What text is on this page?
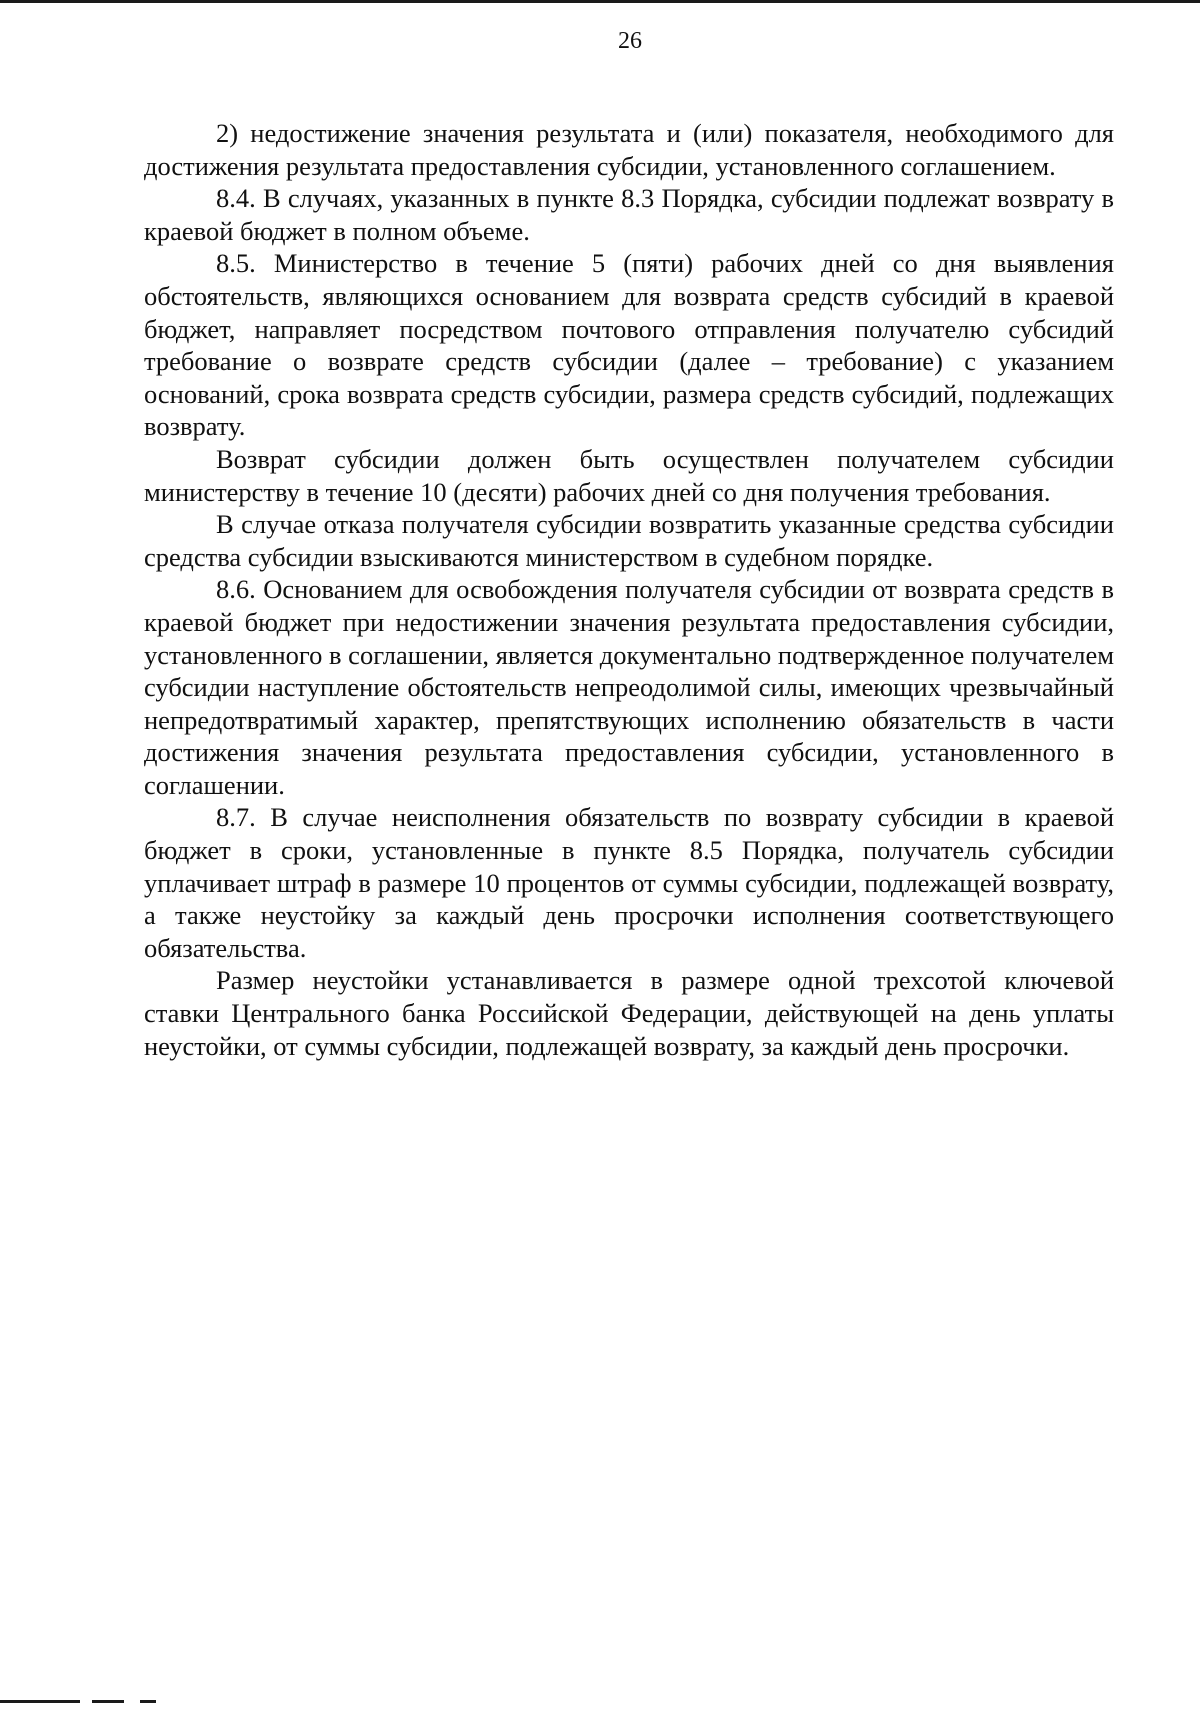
26

2) недостижение значения результата и (или) показателя, необходимого для достижения результата предоставления субсидии, установленного соглашением.

8.4. В случаях, указанных в пункте 8.3 Порядка, субсидии подлежат возврату в краевой бюджет в полном объеме.

8.5. Министерство в течение 5 (пяти) рабочих дней со дня выявления обстоятельств, являющихся основанием для возврата средств субсидий в краевой бюджет, направляет посредством почтового отправления получателю субсидий требование о возврате средств субсидии (далее – требование) с указанием оснований, срока возврата средств субсидии, размера средств субсидий, подлежащих возврату.

Возврат субсидии должен быть осуществлен получателем субсидии министерству в течение 10 (десяти) рабочих дней со дня получения требования.

В случае отказа получателя субсидии возвратить указанные средства субсидии средства субсидии взыскиваются министерством в судебном порядке.

8.6. Основанием для освобождения получателя субсидии от возврата средств в краевой бюджет при недостижении значения результата предоставления субсидии, установленного в соглашении, является документально подтвержденное получателем субсидии наступление обстоятельств непреодолимой силы, имеющих чрезвычайный непредотвратимый характер, препятствующих исполнению обязательств в части достижения значения результата предоставления субсидии, установленного в соглашении.

8.7. В случае неисполнения обязательств по возврату субсидии в краевой бюджет в сроки, установленные в пункте 8.5 Порядка, получатель субсидии уплачивает штраф в размере 10 процентов от суммы субсидии, подлежащей возврату, а также неустойку за каждый день просрочки исполнения соответствующего обязательства.

Размер неустойки устанавливается в размере одной трехсотой ключевой ставки Центрального банка Российской Федерации, действующей на день уплаты неустойки, от суммы субсидии, подлежащей возврату, за каждый день просрочки.
